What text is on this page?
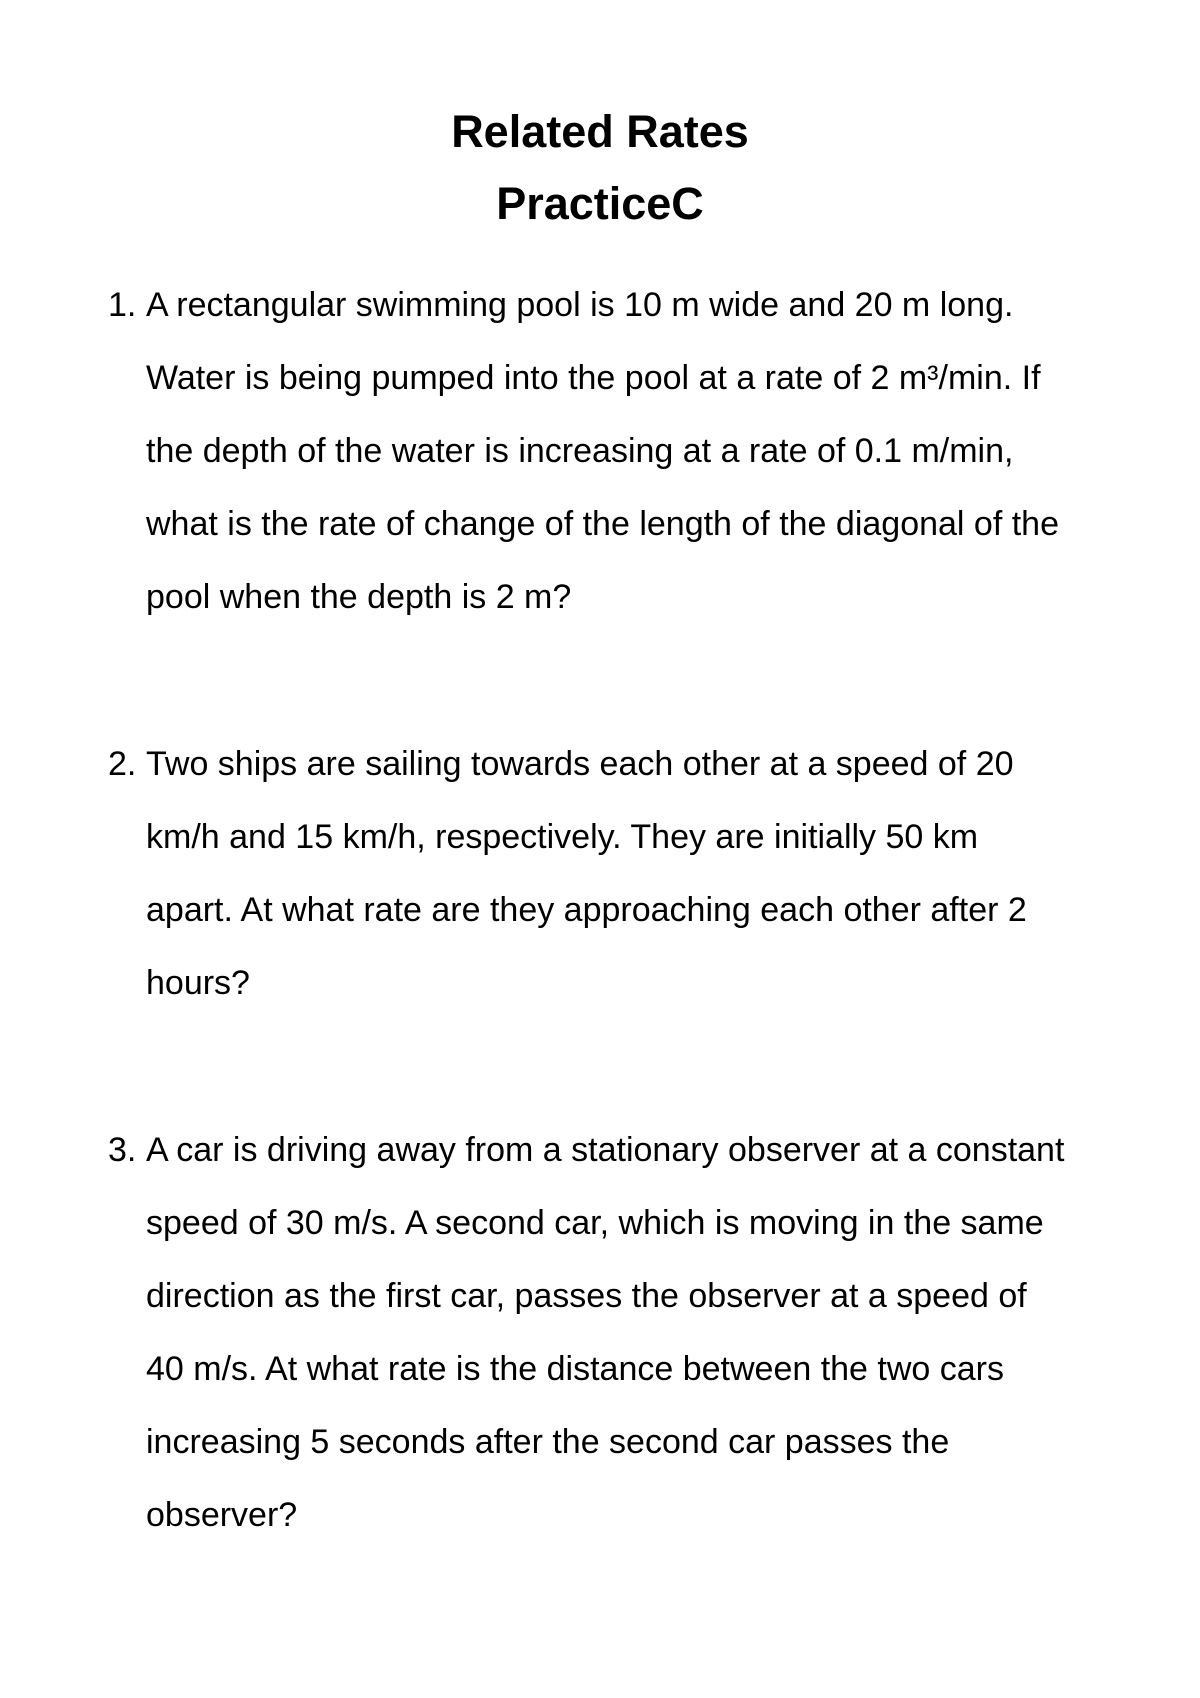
Related Rates
PracticeC
1. A rectangular swimming pool is 10 m wide and 20 m long.
Water is being pumped into the pool at a rate of 2 m³/min. If
the depth of the water is increasing at a rate of 0.1 m/min,
what is the rate of change of the length of the diagonal of the
pool when the depth is 2 m?
2. Two ships are sailing towards each other at a speed of 20
km/h and 15 km/h, respectively. They are initially 50 km
apart. At what rate are they approaching each other after 2
hours?
3. A car is driving away from a stationary observer at a constant
speed of 30 m/s. A second car, which is moving in the same
direction as the first car, passes the observer at a speed of
40 m/s. At what rate is the distance between the two cars
increasing 5 seconds after the second car passes the
observer?
